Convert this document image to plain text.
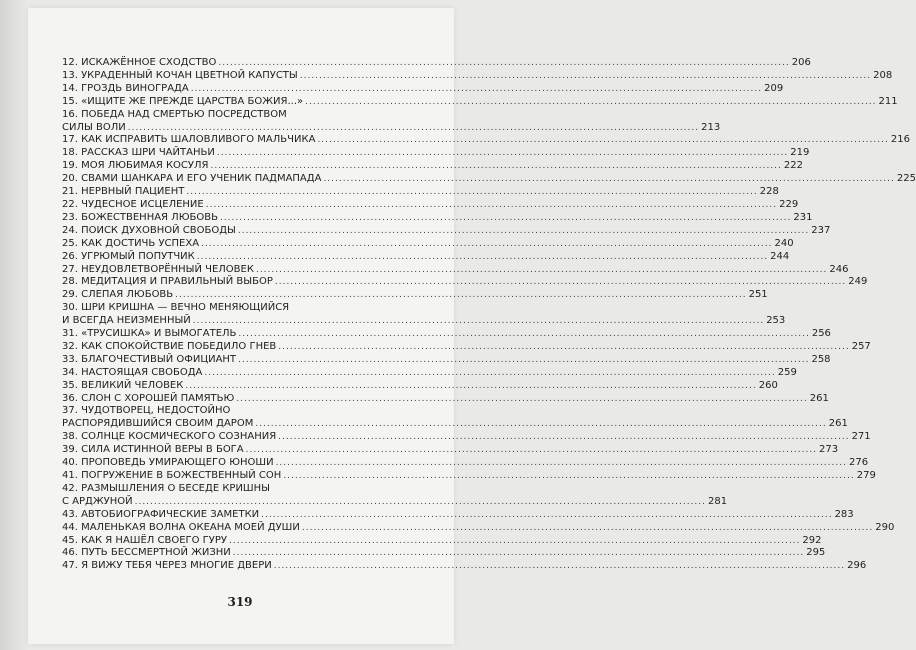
12. ИСКАЖЁННОЕ СХОДСТВО .....	206
13. УКРАДЕННЫЙ КОЧАН ЦВЕТНОЙ КАПУСТЫ .....	208
14. ГРОЗДЬ ВИНОГРАДА .....	209
15. «ИЩИТЕ ЖЕ ПРЕЖДЕ ЦАРСТВА БОЖИЯ...» .....	211
16. ПОБЕДА НАД СМЕРТЬЮ ПОСРЕДСТВОМ
СИЛЫ ВОЛИ .....	213
17. КАК ИСПРАВИТЬ ШАЛОВЛИВОГО МАЛЬЧИКА .....	216
18. РАССКАЗ ШРИ ЧАЙТАНЬИ .....	219
19. МОЯ ЛЮБИМАЯ КОСУЛЯ .....	222
20. СВАМИ ШАНКАРА И ЕГО УЧЕНИК ПАДМАПАДА .....	225
21. НЕРВНЫЙ ПАЦИЕНТ .....	228
22. ЧУДЕСНОЕ ИСЦЕЛЕНИЕ .....	229
23. БОЖЕСТВЕННАЯ ЛЮБОВЬ .....	231
24. ПОИСК ДУХОВНОЙ СВОБОДЫ .....	237
25. КАК ДОСТИЧЬ УСПЕХА .....	240
26. УГРЮМЫЙ ПОПУТЧИК .....	244
27. НЕУДОВЛЕТВОРЁННЫЙ ЧЕЛОВЕК .....	246
28. МЕДИТАЦИЯ И ПРАВИЛЬНЫЙ ВЫБОР .....	249
29. СЛЕПАЯ ЛЮБОВЬ .....	251
30. ШРИ КРИШНА — ВЕЧНО МЕНЯЮЩИЙСЯ
И ВСЕГДА НЕИЗМЕННЫЙ .....	253
31. «ТРУСИШКА» И ВЫМОГАТЕЛЬ .....	256
32. КАК СПОКОЙСТВИЕ ПОБЕДИЛО ГНЕВ .....	257
33. БЛАГОЧЕСТИВЫЙ ОФИЦИАНТ .....	258
34. НАСТОЯЩАЯ СВОБОДА .....	259
35. ВЕЛИКИЙ ЧЕЛОВЕК .....	260
36. СЛОН С ХОРОШЕЙ ПАМЯТЬЮ .....	261
37. ЧУДОТВОРЕЦ, НЕДОСТОЙНО
РАСПОРЯДИВШИЙСЯ СВОИМ ДАРОМ .....	261
38. СОЛНЦЕ КОСМИЧЕСКОГО СОЗНАНИЯ .....	271
39. СИЛА ИСТИННОЙ ВЕРЫ В БОГА .....	273
40. ПРОПОВЕДЬ УМИРАЮЩЕГО ЮНОШИ .....	276
41. ПОГРУЖЕНИЕ В БОЖЕСТВЕННЫЙ СОН .....	279
42. РАЗМЫШЛЕНИЯ О БЕСЕДЕ КРИШНЫ
С АРДЖУНОЙ .....	281
43. АВТОБИОГРАФИЧЕСКИЕ ЗАМЕТКИ .....	283
44. МАЛЕНЬКАЯ ВОЛНА ОКЕАНА МОЕЙ ДУШИ .....	290
45. КАК Я НАШЁЛ СВОЕГО ГУРУ .....	292
46. ПУТЬ БЕССМЕРТНОЙ ЖИЗНИ .....	295
47. Я ВИЖУ ТЕБЯ ЧЕРЕЗ МНОГИЕ ДВЕРИ .....	296
319
